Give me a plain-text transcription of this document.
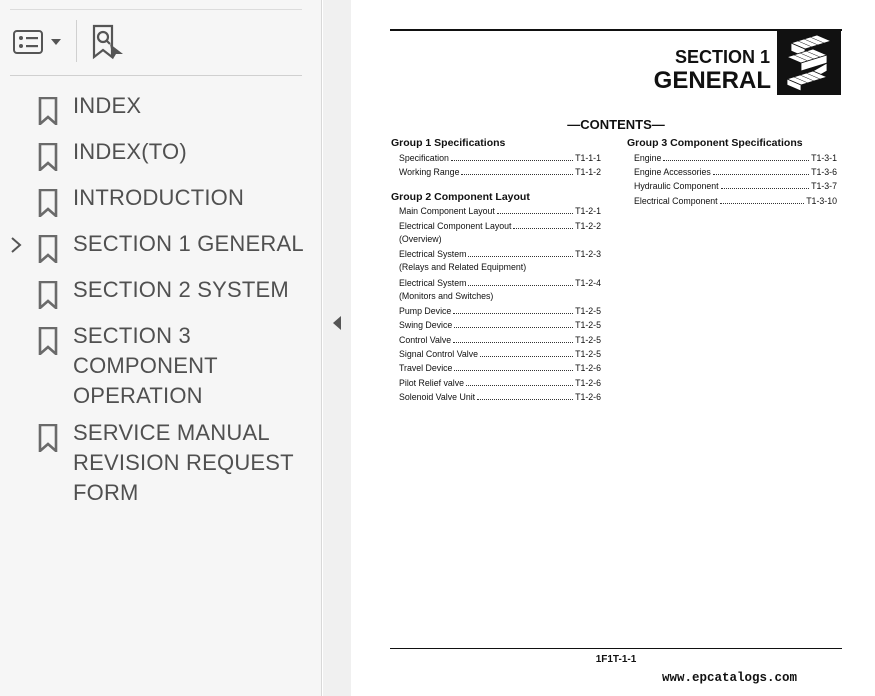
INDEX
INDEX(TO)
INTRODUCTION
SECTION 1 GENERAL
SECTION 2 SYSTEM
SECTION 3
COMPONENT
OPERATION
SERVICE MANUAL
REVISION REQUEST
FORM
SECTION 1
GENERAL
—CONTENTS—
Group 1 Specifications
Specification	T1-1-1
Working Range	T1-1-2
Group 2 Component Layout
Main Component Layout	T1-2-1
Electrical Component Layout	T1-2-2
(Overview)
Electrical System	T1-2-3
(Relays and Related Equipment)
Electrical System	T1-2-4
(Monitors and Switches)
Pump Device	T1-2-5
Swing Device	T1-2-5
Control Valve	T1-2-5
Signal Control Valve	T1-2-5
Travel Device	T1-2-6
Pilot Relief valve	T1-2-6
Solenoid Valve Unit	T1-2-6
Group 3 Component Specifications
Engine	T1-3-1
Engine Accessories	T1-3-6
Hydraulic Component	T1-3-7
Electrical Component	T1-3-10
1F1T-1-1
www.epcatalogs.com
